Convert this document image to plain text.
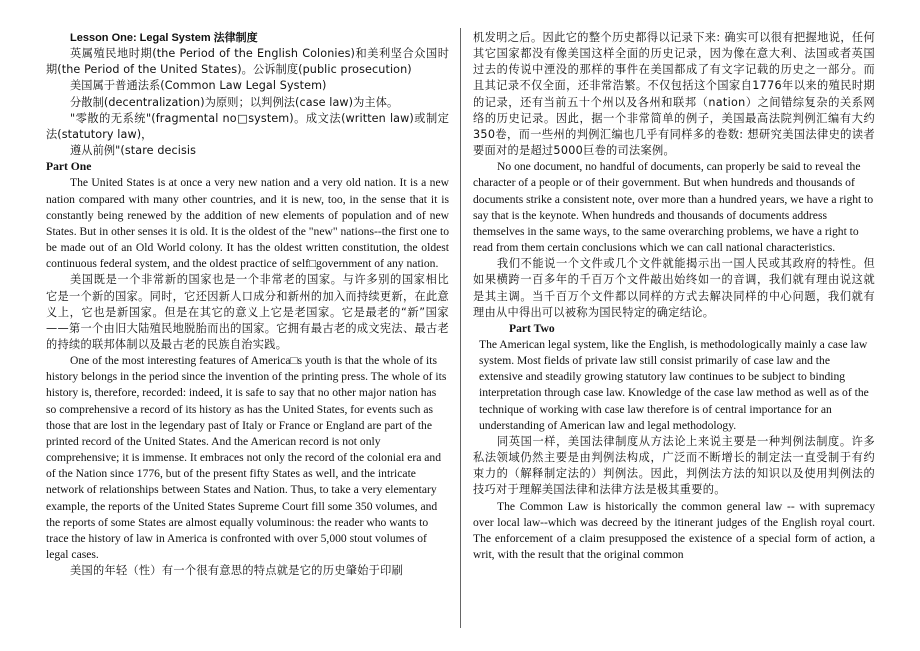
Lesson One: Legal System 法律制度

英属殖民地时期(the Period of the English Colonies)和美利坚合众国时期(the Period of the United States)。公诉制度(public prosecution)

美国属于普通法系(Common Law Legal System)

分散制(decentralization)为原则；以判例法(case law)为主体。

"零散的无系统"(fragmental no□system)。成文法(written law)或制定法(statutory law)，

遵从前例"(stare decisis

Part One

The United States is at once a very new nation and a very old nation. It is a new nation compared with many other countries, and it is new, too, in the sense that it is constantly being renewed by the addition of new elements of population and of new States. But in other senses it is old. It is the oldest of the "new" nations--the first one to be made out of an Old World colony. It has the oldest written constitution, the oldest continuous federal system, and the oldest practice of self□government of any nation.

美国既是一个非常新的国家也是一个非常老的国家。与许多别的国家相比它是一个新的国家。同时，它还因新人口成分和新州的加入而持续更新，在此意义上，它也是新国家。但是在其它的意义上它是老国家。它是最老的“新”国家——第一个由旧大陆殖民地脱胎而出的国家。它拥有最古老的成文宪法、最古老的持续的联邦体制以及最古老的民族自治实践。

One of the most interesting features of America□s youth is that the whole of its history belongs in the period since the invention of the printing press. The whole of its history is, therefore, recorded: indeed, it is safe to say that no other major nation has so comprehensive a record of its history as has the United States, for events such as those that are lost in the legendary past of Italy or France or England are part of the printed record of the United States. And the American record is not only comprehensive; it is immense. It embraces not only the record of the colonial era and of the Nation since 1776, but of the present fifty States as well, and the intricate network of relationships between States and Nation. Thus, to take a very elementary example, the reports of the United States Supreme Court fill some 350 volumes, and the reports of some States are almost equally voluminous: the reader who wants to trace the history of law in America is confronted with over 5,000 stout volumes of legal cases.

美国的年轻（性）有一个很有意思的特点就是它的历史肇始于印刷

机发明之后。因此它的整个历史都得以记录下来: 确实可以很有把握地说，任何其它国家都没有像美国这样全面的历史记录，因为像在意大利、法国或者英国过去的传说中湮没的那样的事件在美国都成了有文字记载的历史之一部分。而且其记录不仅全面，还非常浩繁。不仅包括这个国家自1776年以来的殖民时期的记录，还有当前五十个州以及各州和联邦（nation）之间错综复杂的关系网络的历史记录。因此，据一个非常简单的例子，美国最高法院判例汇编有大约350卷，而一些州的判例汇编也几乎有同样多的卷数: 想研究美国法律史的读者要面对的是超过5000巨卷的司法案例。

No one document, no handful of documents, can properly be said to reveal the character of a people or of their government. But when hundreds and thousands of documents strike a consistent note, over more than a hundred years, we have a right to say that is the keynote. When hundreds and thousands of documents address themselves in the same ways, to the same overarching problems, we have a right to read from them certain conclusions which we can call national characteristics.

我们不能说一个文件或几个文件就能揭示出一国人民或其政府的特性。但如果横跨一百多年的千百万个文件敲出始终如一的音调，我们就有理由说这就是其主调。当千百万个文件都以同样的方式去解决同样的中心问题，我们就有理由从中得出可以被称为国民特定的确定结论。

Part Two

The American legal system, like the English, is methodologically mainly a case law system. Most fields of private law still consist primarily of case law and the extensive and steadily growing statutory law continues to be subject to binding interpretation through case law. Knowledge of the case law method as well as of the technique of working with case law therefore is of central importance for an understanding of American law and legal methodology.

同英国一样，美国法律制度从方法论上来说主要是一种判例法制度。许多私法领域仍然主要是由判例法构成，广泛而不断增长的制定法一直受制于有约束力的（解释制定法的）判例法。因此，判例法方法的知识以及使用判例法的技巧对于理解美国法律和法律方法是极其重要的。

The Common Law is historically the common general law -- with supremacy over local law--which was decreed by the itinerant judges of the English royal court. The enforcement of a claim presupposed the existence of a special form of action, a writ, with the result that the original common
